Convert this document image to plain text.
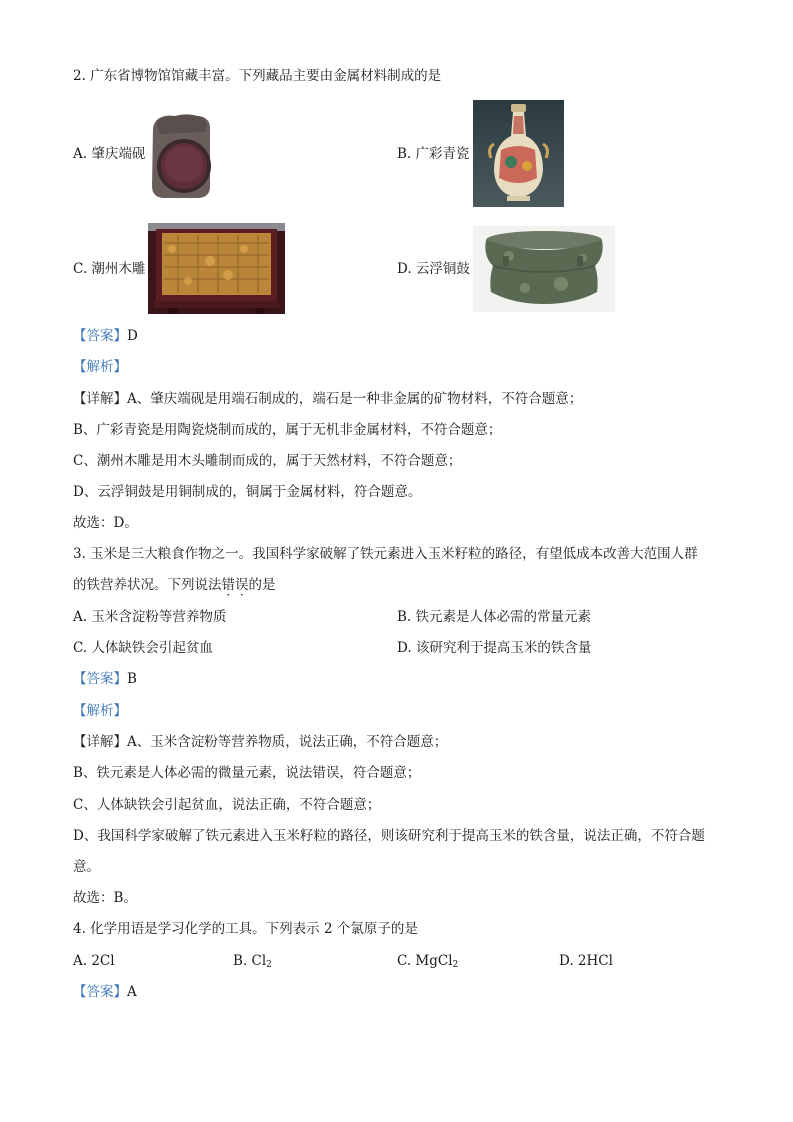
2. 广东省博物馆馆藏丰富。下列藏品主要由金属材料制成的是
A. 肇庆端砚	B. 广彩青瓷
C. 潮州木雕	D. 云浮铜鼓
【答案】D
【解析】
【详解】A、肇庆端砚是用端石制成的，端石是一种非金属的矿物材料，不符合题意；
B、广彩青瓷是用陶瓷烧制而成的，属于无机非金属材料，不符合题意；
C、潮州木雕是用木头雕制而成的，属于天然材料，不符合题意；
D、云浮铜鼓是用铜制成的，铜属于金属材料，符合题意。
故选：D。
3. 玉米是三大粮食作物之一。我国科学家破解了铁元素进入玉米籽粒的路径，有望低成本改善大范围人群
的铁营养状况。下列说法错误的是
A. 玉米含淀粉等营养物质	B. 铁元素是人体必需的常量元素
C. 人体缺铁会引起贫血	D. 该研究利于提高玉米的铁含量
【答案】B
【解析】
【详解】A、玉米含淀粉等营养物质，说法正确，不符合题意；
B、铁元素是人体必需的微量元素，说法错误，符合题意；
C、人体缺铁会引起贫血，说法正确，不符合题意；
D、我国科学家破解了铁元素进入玉米籽粒的路径，则该研究利于提高玉米的铁含量，说法正确，不符合题
意。
故选：B。
4. 化学用语是学习化学的工具。下列表示 2 个氯原子的是
A. 2Cl	B. $Cl_2$	C. MgCl$_2$	D. 2HCl
【答案】A
